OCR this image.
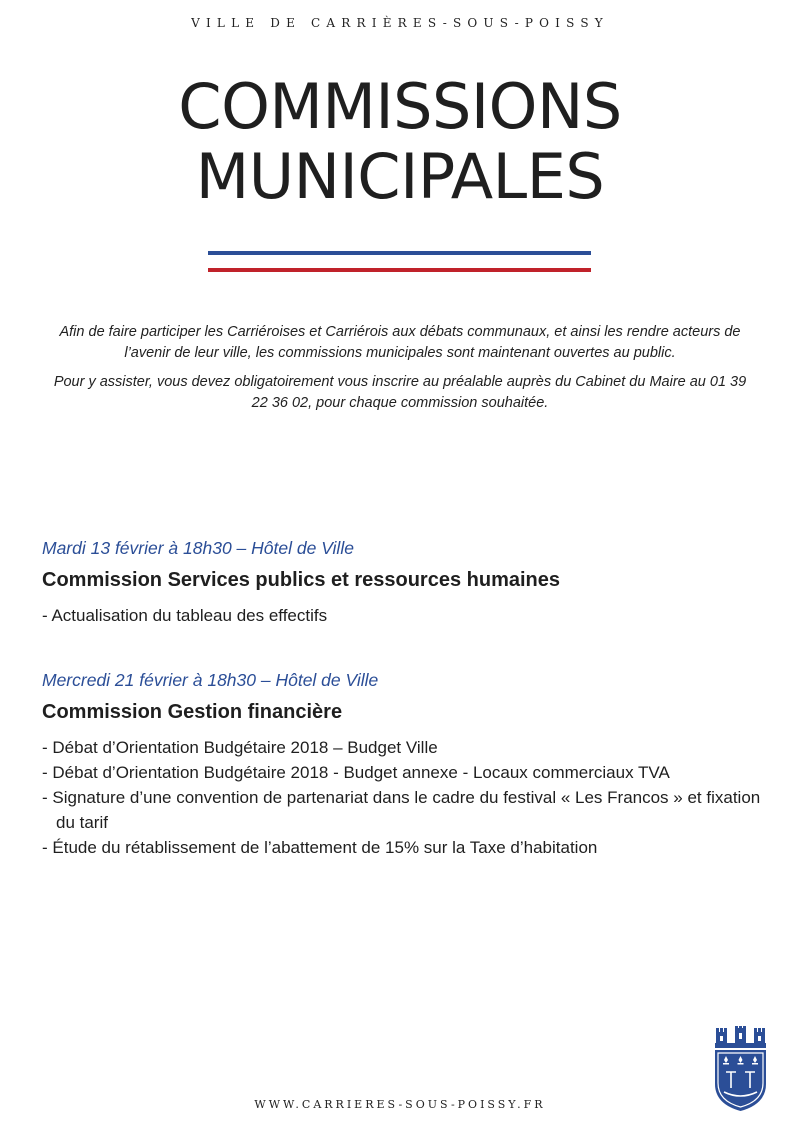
VILLE DE CARRIÈRES-SOUS-POISSY
COMMISSIONS
MUNICIPALES

Afin de faire participer les Carriéroises et Carriérois aux débats communaux, et ainsi les rendre acteurs de l’avenir de leur ville, les commissions municipales sont maintenant ouvertes au public.

Pour y assister, vous devez obligatoirement vous inscrire au préalable auprès du Cabinet du Maire au 01 39 22 36 02, pour chaque commission souhaitée.

Mardi 13 février à 18h30 – Hôtel de Ville
Commission Services publics et ressources humaines
- Actualisation du tableau des effectifs
Mercredi 21 février à 18h30 – Hôtel de Ville
Commission Gestion financière
- Débat d’Orientation Budgétaire 2018 – Budget Ville
- Débat d’Orientation Budgétaire 2018 - Budget annexe - Locaux commerciaux TVA
- Signature d’une convention de partenariat dans le cadre du festival « Les Francos » et fixation du tarif
- Étude du rétablissement de l’abattement de 15% sur la Taxe d’habitation
WWW.CARRIERES-SOUS-POISSY.FR
